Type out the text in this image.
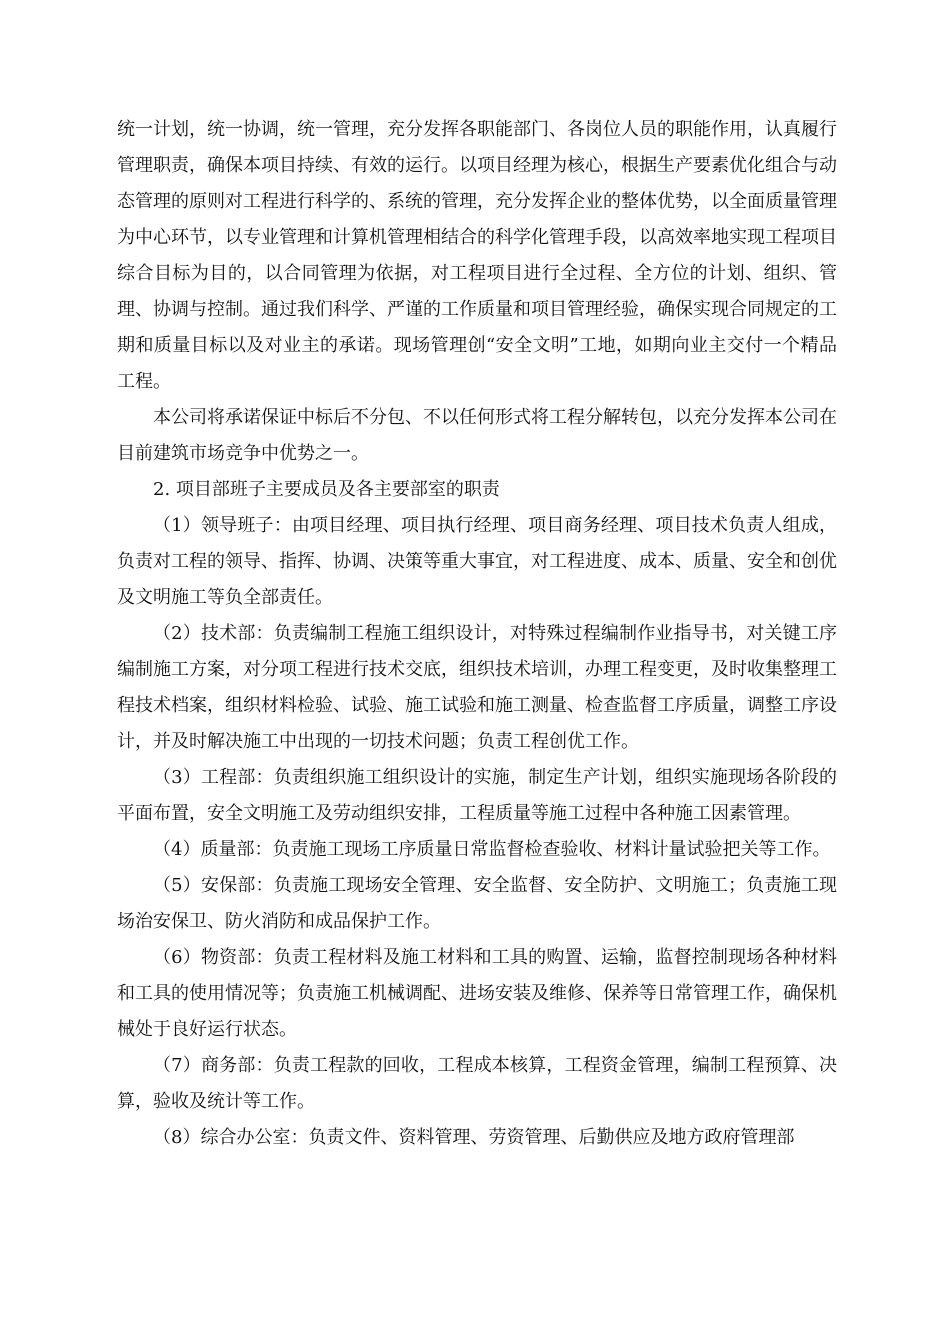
统一计划，统一协调，统一管理，充分发挥各职能部门、各岗位人员的职能作用，认真履行管理职责，确保本项目持续、有效的运行。以项目经理为核心，根据生产要素优化组合与动态管理的原则对工程进行科学的、系统的管理，充分发挥企业的整体优势，以全面质量管理为中心环节，以专业管理和计算机管理相结合的科学化管理手段，以高效率地实现工程项目综合目标为目的，以合同管理为依据，对工程项目进行全过程、全方位的计划、组织、管理、协调与控制。通过我们科学、严谨的工作质量和项目管理经验，确保实现合同规定的工期和质量目标以及对业主的承诺。现场管理创“安全文明”工地，如期向业主交付一个精品工程。

本公司将承诺保证中标后不分包、不以任何形式将工程分解转包，以充分发挥本公司在目前建筑市场竞争中优势之一。

2. 项目部班子主要成员及各主要部室的职责

（1）领导班子：由项目经理、项目执行经理、项目商务经理、项目技术负责人组成，负责对工程的领导、指挥、协调、决策等重大事宜，对工程进度、成本、质量、安全和创优及文明施工等负全部责任。

（2）技术部：负责编制工程施工组织设计，对特殊过程编制作业指导书，对关键工序编制施工方案，对分项工程进行技术交底，组织技术培训，办理工程变更，及时收集整理工程技术档案，组织材料检验、试验、施工试验和施工测量、检查监督工序质量，调整工序设计，并及时解决施工中出现的一切技术问题；负责工程创优工作。

（3）工程部：负责组织施工组织设计的实施，制定生产计划，组织实施现场各阶段的平面布置，安全文明施工及劳动组织安排，工程质量等施工过程中各种施工因素管理。

（4）质量部：负责施工现场工序质量日常监督检查验收、材料计量试验把关等工作。

（5）安保部：负责施工现场安全管理、安全监督、安全防护、文明施工；负责施工现场治安保卫、防火消防和成品保护工作。

（6）物资部：负责工程材料及施工材料和工具的购置、运输，监督控制现场各种材料和工具的使用情况等；负责施工机械调配、进场安装及维修、保养等日常管理工作，确保机械处于良好运行状态。

（7）商务部：负责工程款的回收，工程成本核算，工程资金管理，编制工程预算、决算，验收及统计等工作。

（8）综合办公室：负责文件、资料管理、劳资管理、后勤供应及地方政府管理部
